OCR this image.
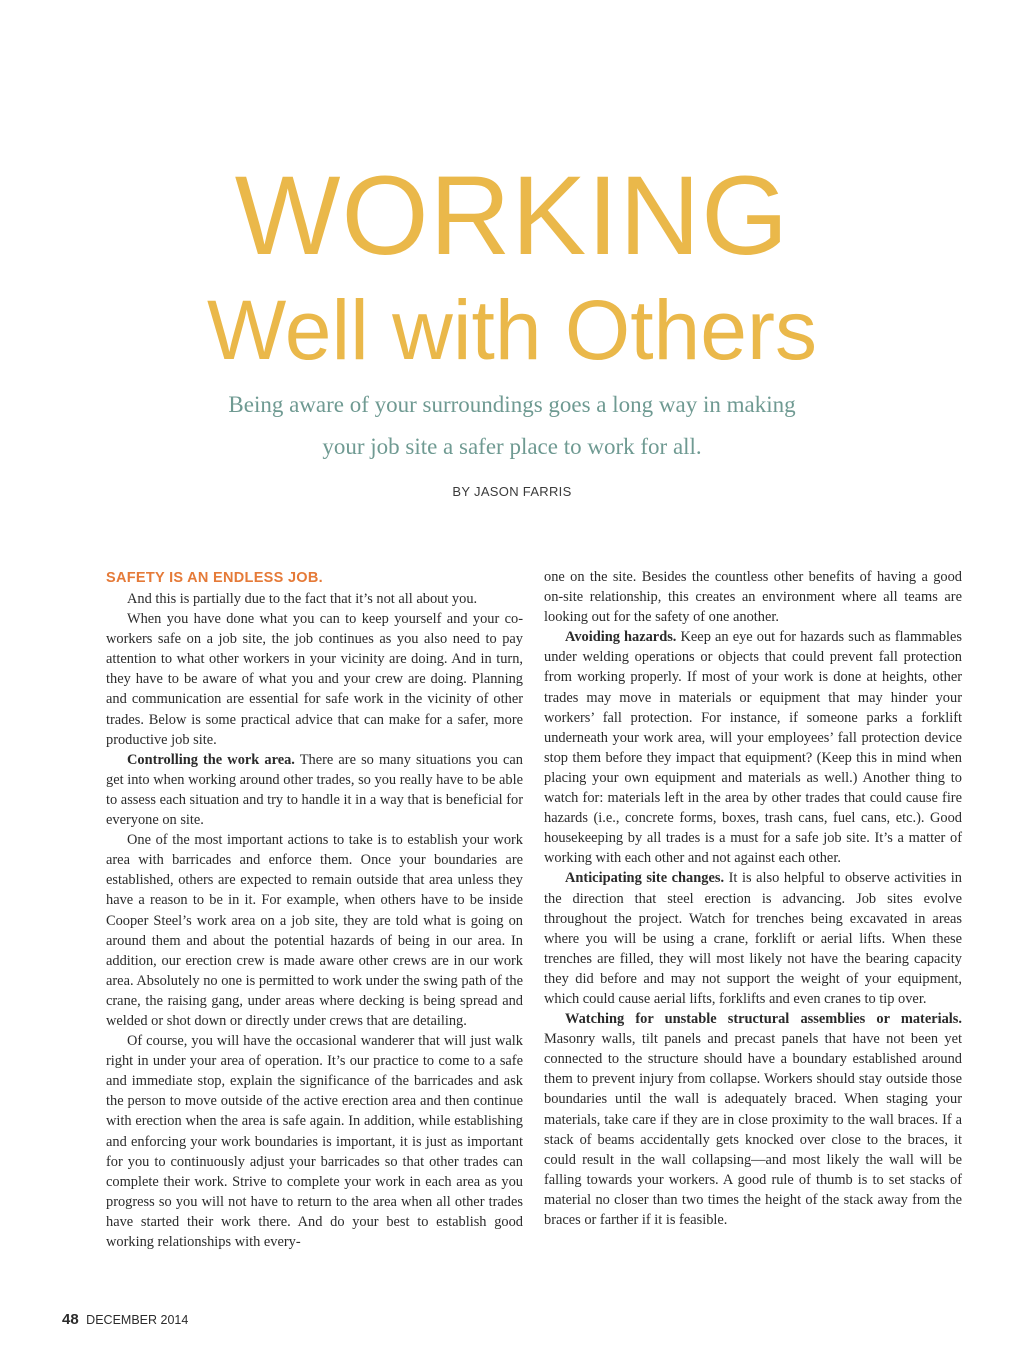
WORKING
Well with Others
Being aware of your surroundings goes a long way in making
your job site a safer place to work for all.
BY JASON FARRIS
SAFETY IS AN ENDLESS JOB.

And this is partially due to the fact that it’s not all about you.

When you have done what you can to keep yourself and your co-workers safe on a job site, the job continues as you also need to pay attention to what other workers in your vicinity are doing. And in turn, they have to be aware of what you and your crew are doing. Planning and communication are essential for safe work in the vicinity of other trades. Below is some practical advice that can make for a safer, more productive job site.

Controlling the work area. There are so many situations you can get into when working around other trades, so you really have to be able to assess each situation and try to handle it in a way that is beneficial for everyone on site.

One of the most important actions to take is to establish your work area with barricades and enforce them. Once your boundaries are established, others are expected to remain outside that area unless they have a reason to be in it. For example, when others have to be inside Cooper Steel’s work area on a job site, they are told what is going on around them and about the potential hazards of being in our area. In addition, our erection crew is made aware other crews are in our work area. Absolutely no one is permitted to work under the swing path of the crane, the raising gang, under areas where decking is being spread and welded or shot down or directly under crews that are detailing.

Of course, you will have the occasional wanderer that will just walk right in under your area of operation. It’s our practice to come to a safe and immediate stop, explain the significance of the barricades and ask the person to move outside of the active erection area and then continue with erection when the area is safe again. In addition, while establishing and enforcing your work boundaries is important, it is just as important for you to continuously adjust your barricades so that other trades can complete their work. Strive to complete your work in each area as you progress so you will not have to return to the area when all other trades have started their work there. And do your best to establish good working relationships with every-

one on the site. Besides the countless other benefits of having a good on-site relationship, this creates an environment where all teams are looking out for the safety of one another.

Avoiding hazards. Keep an eye out for hazards such as flammables under welding operations or objects that could prevent fall protection from working properly. If most of your work is done at heights, other trades may move in materials or equipment that may hinder your workers’ fall protection. For instance, if someone parks a forklift underneath your work area, will your employees’ fall protection device stop them before they impact that equipment? (Keep this in mind when placing your own equipment and materials as well.) Another thing to watch for: materials left in the area by other trades that could cause fire hazards (i.e., concrete forms, boxes, trash cans, fuel cans, etc.). Good housekeeping by all trades is a must for a safe job site. It’s a matter of working with each other and not against each other.

Anticipating site changes. It is also helpful to observe activities in the direction that steel erection is advancing. Job sites evolve throughout the project. Watch for trenches being excavated in areas where you will be using a crane, forklift or aerial lifts. When these trenches are filled, they will most likely not have the bearing capacity they did before and may not support the weight of your equipment, which could cause aerial lifts, forklifts and even cranes to tip over.

Watching for unstable structural assemblies or materials. Masonry walls, tilt panels and precast panels that have not been yet connected to the structure should have a boundary established around them to prevent injury from collapse. Workers should stay outside those boundaries until the wall is adequately braced. When staging your materials, take care if they are in close proximity to the wall braces. If a stack of beams accidentally gets knocked over close to the braces, it could result in the wall collapsing—and most likely the wall will be falling towards your workers. A good rule of thumb is to set stacks of material no closer than two times the height of the stack away from the braces or farther if it is feasible.

48 DECEMBER 2014
